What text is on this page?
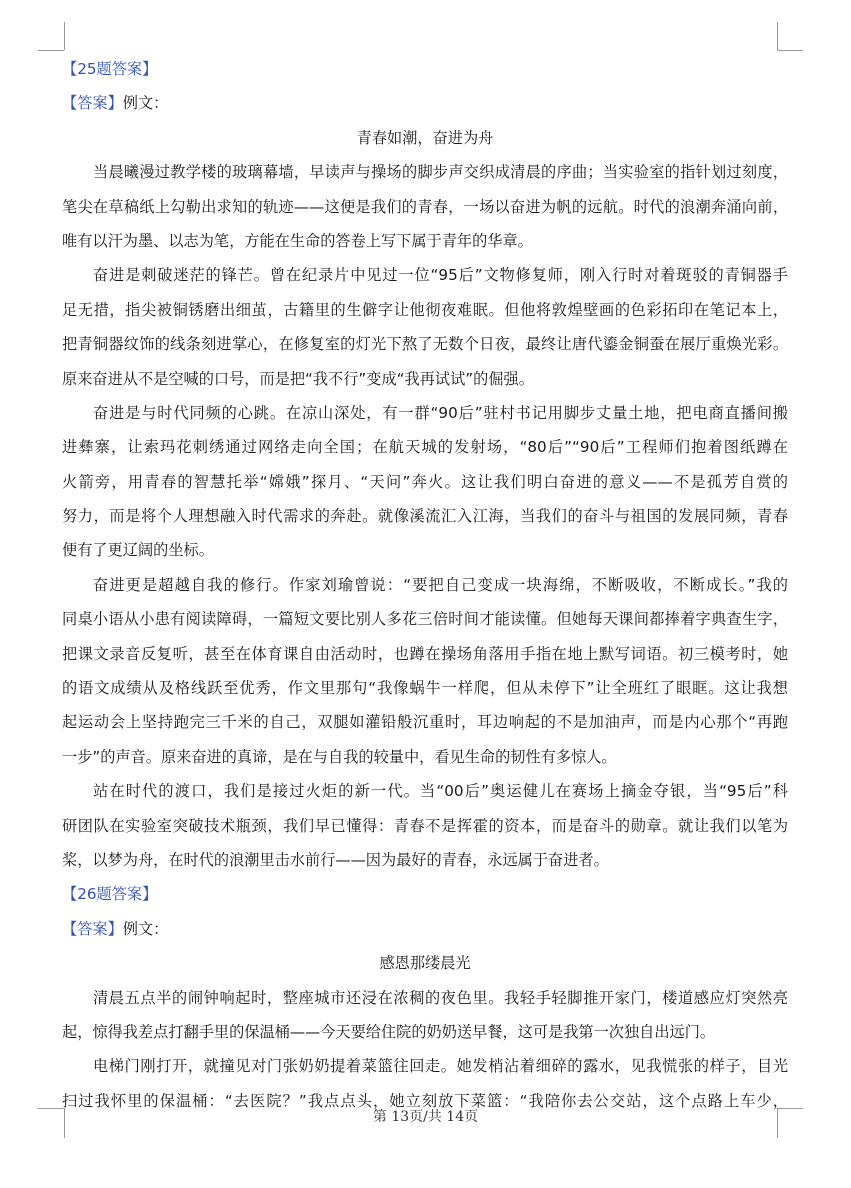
【25题答案】
【答案】例文：
青春如潮，奋进为舟
当晨曦漫过教学楼的玻璃幕墙，早读声与操场的脚步声交织成清晨的序曲；当实验室的指针划过刻度，
笔尖在草稿纸上勾勒出求知的轨迹——这便是我们的青春，一场以奋进为帆的远航。时代的浪潮奔涌向前，
唯有以汗为墨、以志为笔，方能在生命的答卷上写下属于青年的华章。
奋进是刺破迷茫的锋芒。曾在纪录片中见过一位“95后”文物修复师，刚入行时对着斑驳的青铜器手
足无措，指尖被铜锈磨出细茧，古籍里的生僻字让他彻夜难眠。但他将敦煌壁画的色彩拓印在笔记本上，
把青铜器纹饰的线条刻进掌心，在修复室的灯光下熬了无数个日夜，最终让唐代鎏金铜蚕在展厅重焕光彩。
原来奋进从不是空喊的口号，而是把“我不行”变成“我再试试”的倔强。
奋进是与时代同频的心跳。在凉山深处，有一群“90后”驻村书记用脚步丈量土地，把电商直播间搬
进彝寨，让索玛花刺绣通过网络走向全国；在航天城的发射场，“80后”“90后”工程师们抱着图纸蹲在
火箭旁，用青春的智慧托举“嫦娥”探月、“天问”奔火。这让我们明白奋进的意义——不是孤芳自赏的
努力，而是将个人理想融入时代需求的奔赴。就像溪流汇入江海，当我们的奋斗与祖国的发展同频，青春
便有了更辽阔的坐标。
奋进更是超越自我的修行。作家刘瑜曾说：“要把自己变成一块海绵，不断吸收，不断成长。”我的
同桌小语从小患有阅读障碍，一篇短文要比别人多花三倍时间才能读懂。但她每天课间都捧着字典查生字，
把课文录音反复听，甚至在体育课自由活动时，也蹲在操场角落用手指在地上默写词语。初三模考时，她
的语文成绩从及格线跃至优秀，作文里那句“我像蜗牛一样爬，但从未停下”让全班红了眼眶。这让我想
起运动会上坚持跑完三千米的自己，双腿如灌铅般沉重时，耳边响起的不是加油声，而是内心那个“再跑
一步”的声音。原来奋进的真谛，是在与自我的较量中，看见生命的韧性有多惊人。
站在时代的渡口，我们是接过火炬的新一代。当“00后”奥运健儿在赛场上摘金夺银，当“95后”科
研团队在实验室突破技术瓶颈，我们早已懂得：青春不是挥霍的资本，而是奋斗的勋章。就让我们以笔为
桨，以梦为舟，在时代的浪潮里击水前行——因为最好的青春，永远属于奋进者。
【26题答案】
【答案】例文：
感恩那缕晨光
清晨五点半的闹钟响起时，整座城市还浸在浓稠的夜色里。我轻手轻脚推开家门，楼道感应灯突然亮
起，惊得我差点打翻手里的保温桶——今天要给住院的奶奶送早餐，这可是我第一次独自出远门。
电梯门刚打开，就撞见对门张奶奶提着菜篮往回走。她发梢沾着细碎的露水，见我慌张的样子，目光
扫过我怀里的保温桶：“去医院？”我点点头，她立刻放下菜篮：“我陪你去公交站，这个点路上车少，
第 13页/共 14页
